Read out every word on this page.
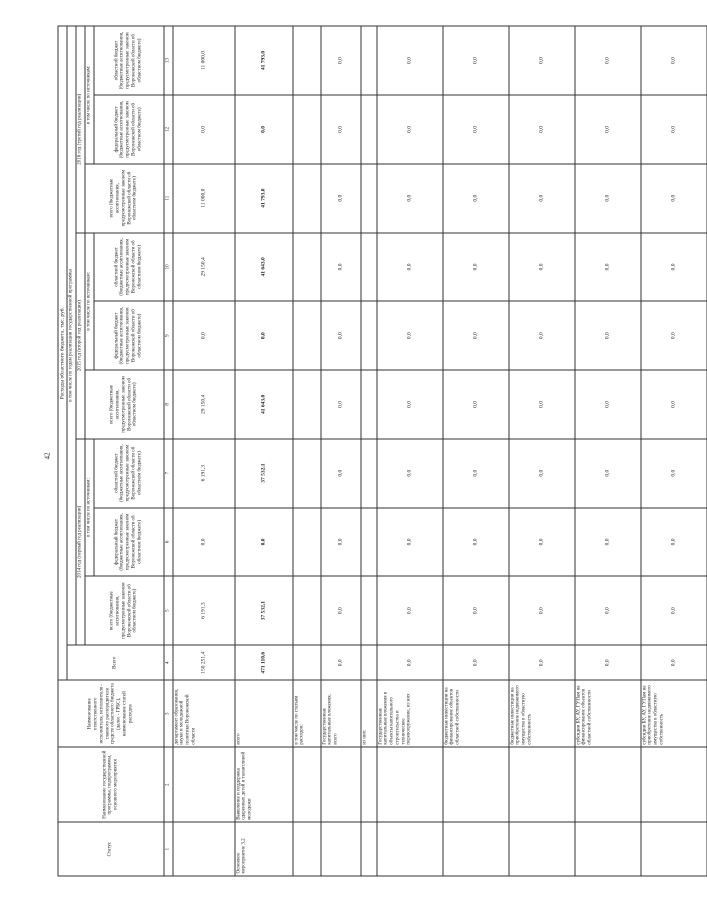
42
Статус	Наименование государственной программы, подпрограммы, основного мероприятия	Наименование ответственного исполнителя, исполнителя - главного распорядителя средств областного бюджета (далее - ГРБС), наименование статей расходов	Расходы областного бюджета, тыс. руб.									
			Всего	в том числе по годам реализации государственной программы								
				2014 год (первый год реализации)			2015 год (второй год реализации)			2016 год (третий год реализации)		
				всего (бюджетные ассигнования, предусмотренные законом Воронежской области об областном бюджете)	в том числе по источникам:		всего (бюджетные ассигнования, предусмотренные законом Воронежской области об областном бюджете)	в том числе по источникам:		всего (бюджетные ассигнования, предусмотренные законом Воронежской области об областном бюджете)	в том числе по источникам:	
					федеральный бюджет (бюджетные ассигнования, предусмотренные законом Воронежской области об областном бюджете)	областной бюджет (бюджетные ассигнования, предусмотренные законом Воронежской области об областном бюджете)		федеральный бюджет (бюджетные ассигнования, предусмотренные законом Воронежской области об областном бюджете)	областной бюджет (бюджетные ассигнования, предусмотренные законом Воронежской области об областном бюджете)		федеральный бюджет (бюджетные ассигнования, предусмотренные законом Воронежской области об областном бюджете)	областной бюджет (бюджетные ассигнования, предусмотренные законом Воронежской области об областном бюджете)
1	2	3	4	5	6	7	8	9	10	11	12	13
		департамент образования, науки и молодежной политики Воронежской области	150 251,4	6 191,3	0,0	6 191,3	29 150,4	0,0	29 150,4	11 000,0	0,0	11 000,0
Основное мероприятие 3.2	Выявление и поддержка одаренных детей и талантливой молодежи	всего	471 110,6	37 532,1	0,0	37 532,1	41 643,0	0,0	41 643,0	41 793,0	0,0	41 793,0
		в том числе по статьям расходов:										
		Государственные капитальные вложения, всего	0,0	0,0	0,0	0,0	0,0	0,0	0,0	0,0	0,0	0,0
		из них:										
		Государственные капитальные вложения в объекты капитального строительства и техническое перевооружение, из них	0,0	0,0	0,0	0,0	0,0	0,0	0,0	0,0	0,0	0,0
		бюджетные инвестиции на финансирование объектов областной собственности	0,0	0,0	0,0	0,0	0,0	0,0	0,0	0,0	0,0	0,0
		бюджетные инвестиции на приобретение недвижимого имущества в областную собственность	0,0	0,0	0,0	0,0	0,0	0,0	0,0	0,0	0,0	0,0
		субсидии БУ, АУ, ГУПам на финансирование объектов областной собственности	0,0	0,0	0,0	0,0	0,0	0,0	0,0	0,0	0,0	0,0
		субсидии БУ, АУ, ГУПам на приобретение недвижимого имущества в областную собственность	0,0	0,0	0,0	0,0	0,0	0,0	0,0	0,0	0,0	0,0
